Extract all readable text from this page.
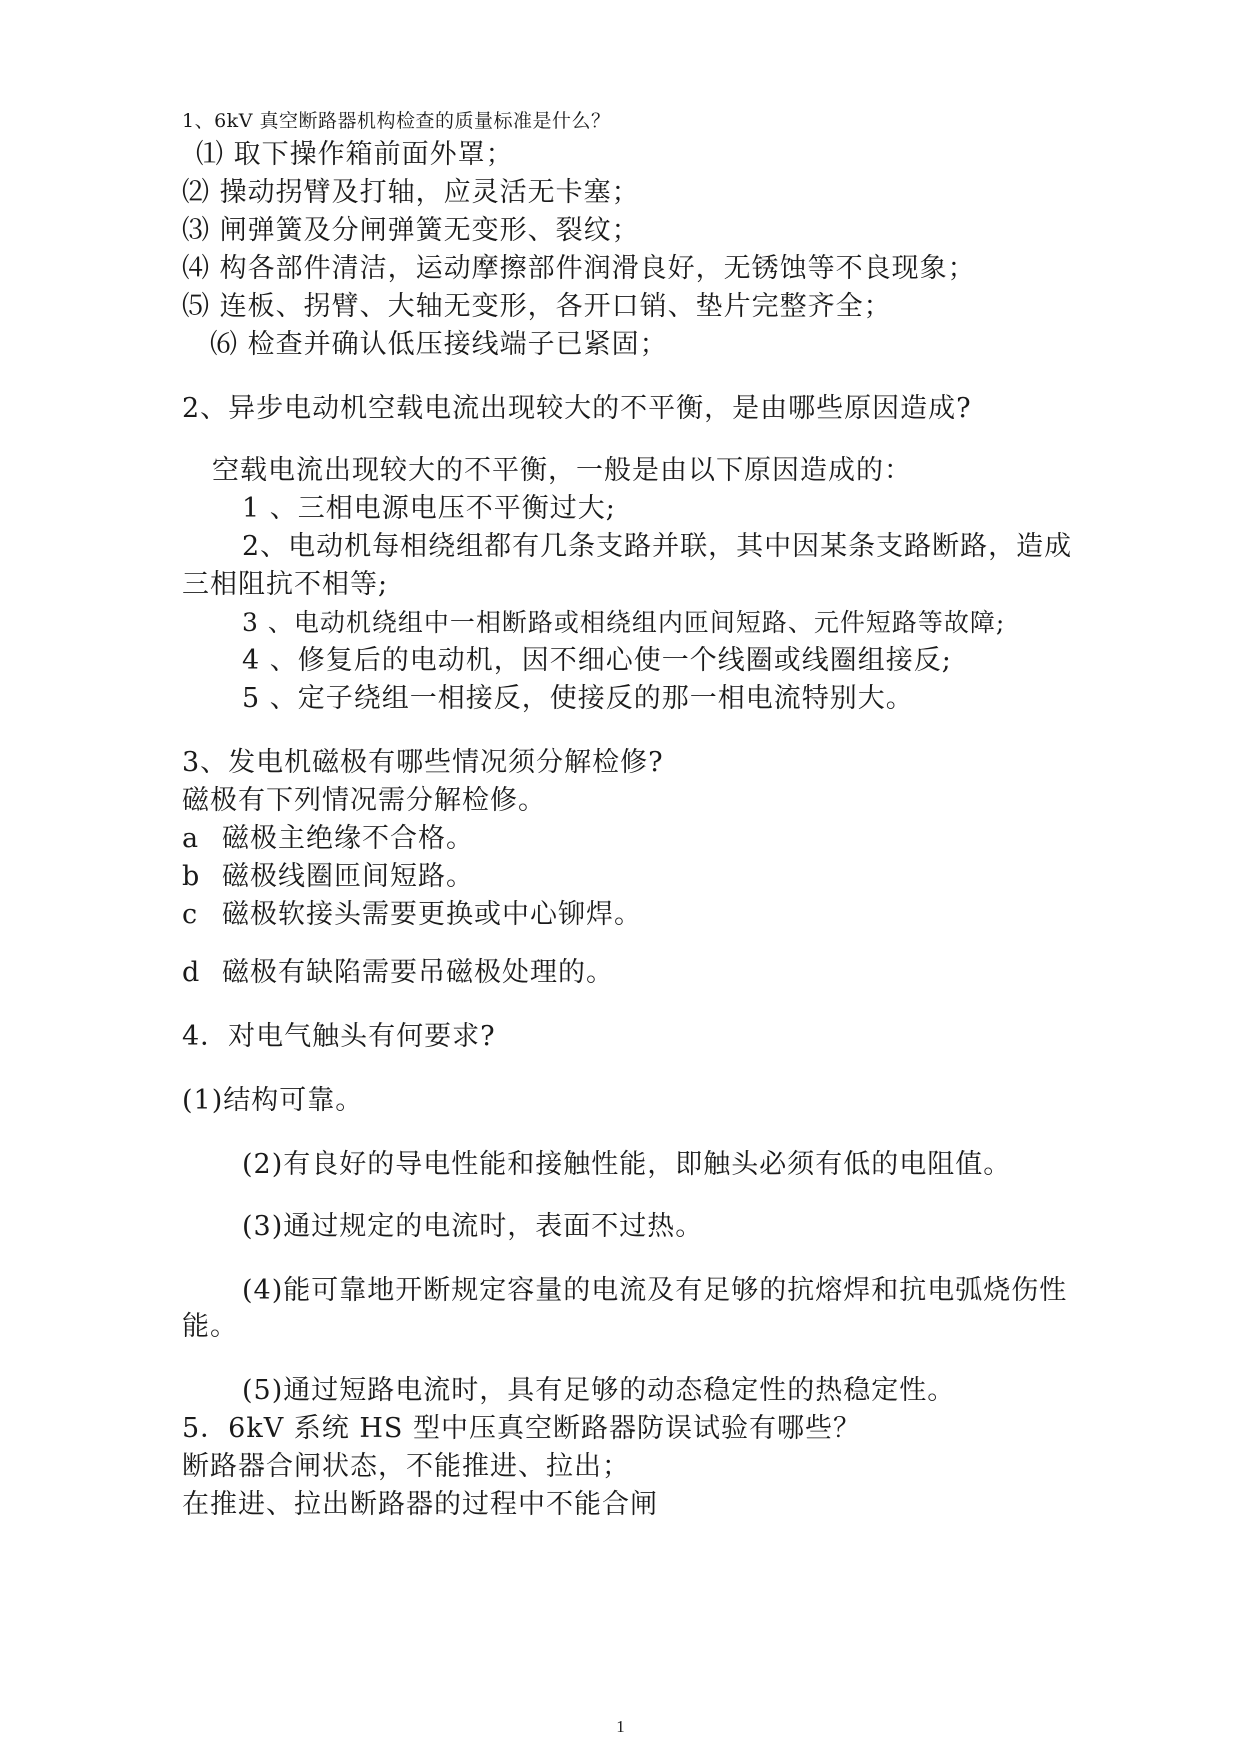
1、6kV 真空断路器机构检查的质量标准是什么？
⑴ 取下操作箱前面外罩；
⑵ 操动拐臂及打轴，应灵活无卡塞；
⑶ 闸弹簧及分闸弹簧无变形、裂纹；
⑷ 构各部件清洁，运动摩擦部件润滑良好，无锈蚀等不良现象；
⑸ 连板、拐臂、大轴无变形，各开口销、垫片完整齐全；
⑹ 检查并确认低压接线端子已紧固；
2、异步电动机空载电流出现较大的不平衡，是由哪些原因造成?
空载电流出现较大的不平衡，一般是由以下原因造成的：
1 、三相电源电压不平衡过大;
2、电动机每相绕组都有几条支路并联，其中因某条支路断路，造成
三相阻抗不相等;
3 、电动机绕组中一相断路或相绕组内匝间短路、元件短路等故障;
4 、修复后的电动机，因不细心使一个线圈或线圈组接反;
5 、定子绕组一相接反，使接反的那一相电流特别大。
3、发电机磁极有哪些情况须分解检修?
磁极有下列情况需分解检修。
a 磁极主绝缘不合格。
b 磁极线圈匝间短路。
c 磁极软接头需要更换或中心铆焊。
d 磁极有缺陷需要吊磁极处理的。
4．对电气触头有何要求?
(1)结构可靠。
(2)有良好的导电性能和接触性能，即触头必须有低的电阻值。
(3)通过规定的电流时，表面不过热。
(4)能可靠地开断规定容量的电流及有足够的抗熔焊和抗电弧烧伤性
能。
(5)通过短路电流时，具有足够的动态稳定性的热稳定性。
5．6kV 系统 HS 型中压真空断路器防误试验有哪些？
断路器合闸状态，不能推进、拉出；
在推进、拉出断路器的过程中不能合闸
1
